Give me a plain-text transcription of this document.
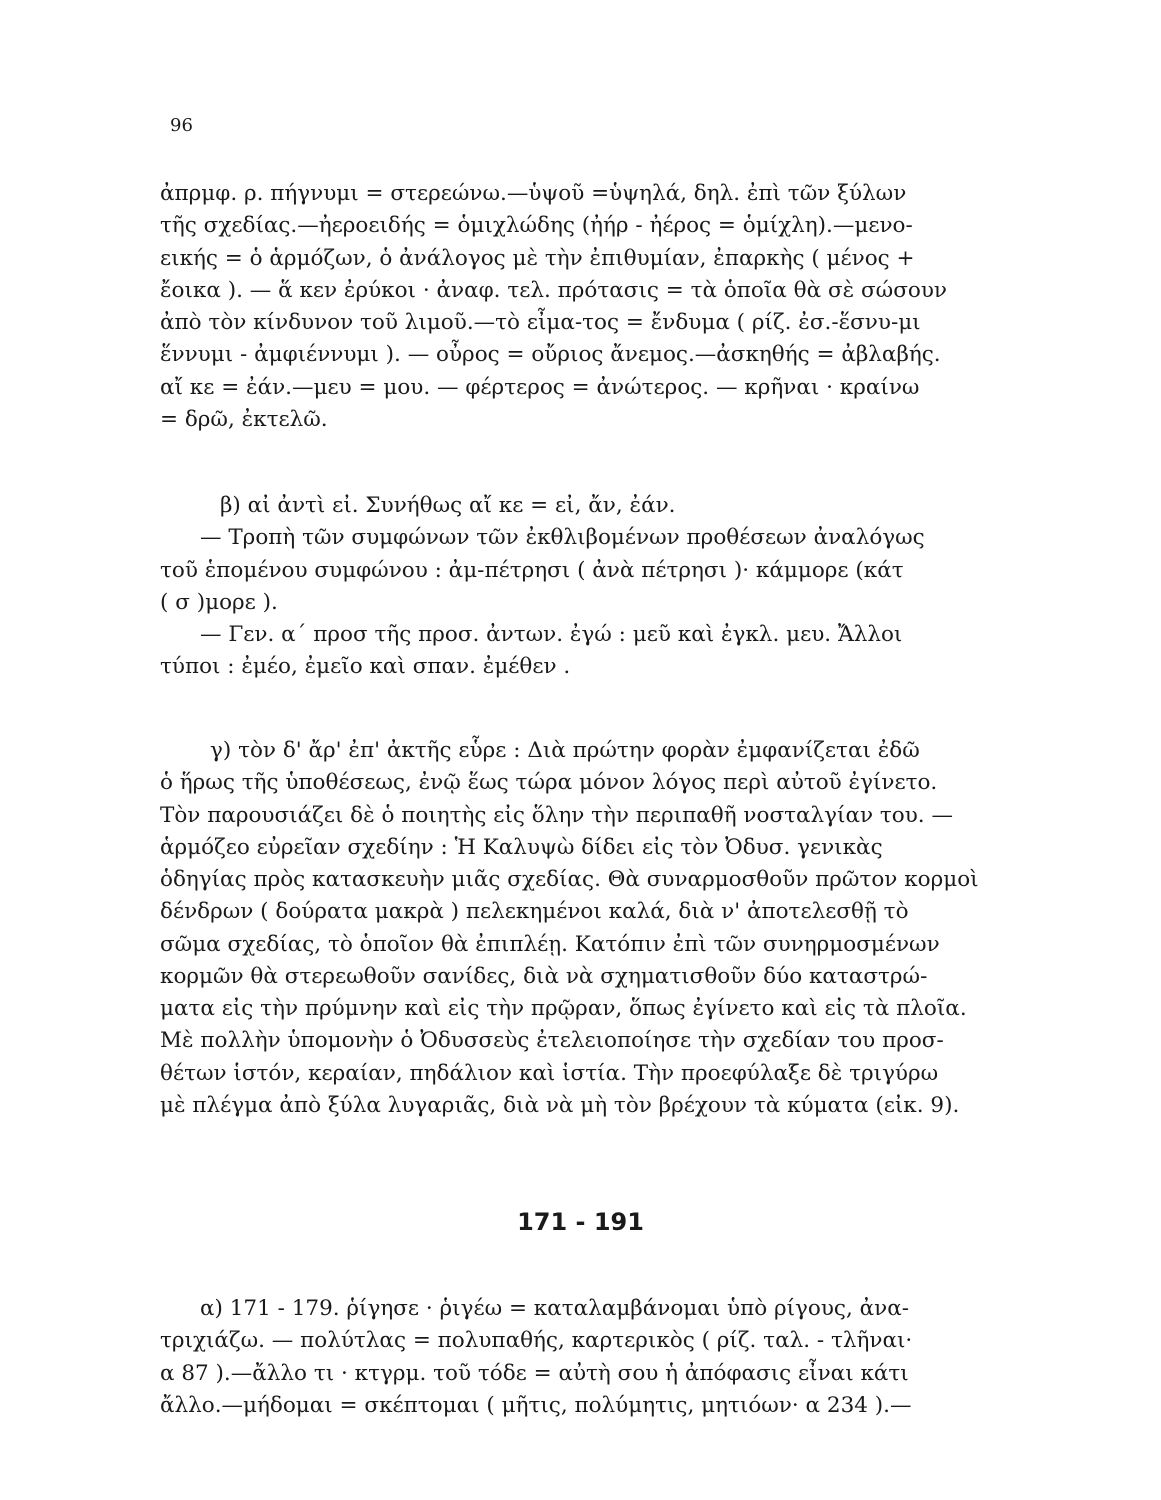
96
ἀπρμφ. ρ. πήγνυμι = στερεώνω.—ὑψοῦ =ὑψηλά, δηλ. ἐπὶ τῶν ξύλων
τῆς σχεδίας.—ἠεροειδής = ὁμιχλώδης (ἠήρ - ἠέρος = ὁμίχλη).—μενο-
εικής = ὁ ἁρμόζων, ὁ ἀνάλογος μὲ τὴν ἐπιθυμίαν, ἐπαρκὴς ( μένος +
ἔοικα ). — ἅ κεν ἐρύκοι · ἀναφ. τελ. πρότασις = τὰ ὁποῖα θὰ σὲ σώσουν
ἀπὸ τὸν κίνδυνον τοῦ λιμοῦ.—τὸ εἶμα-τος = ἔνδυμα ( ρίζ. ἐσ.-ἕσνυ-μι
ἕννυμι - ἀμφιέννυμι ). — οὖρος = οὔριος ἄνεμος.—ἀσκηθής = ἀβλαβής.
αἴ κε = ἐάν.—μευ = μου. — φέρτερος = ἀνώτερος. — κρῆναι · κραίνω
= δρῶ, ἐκτελῶ.
β) αἰ ἀντὶ εἰ. Συνήθως αἴ κε = εἰ, ἄν, ἐάν.
— Τροπὴ τῶν συμφώνων τῶν ἐκθλιβομένων προθέσεων ἀναλόγως
τοῦ ἑπομένου συμφώνου : ἀμ-πέτρησι ( ἀνὰ πέτρησι )· κάμμορε (κάτ
( σ )μορε ).
— Γεν. α΄ προσ τῆς προσ. ἀντων. ἐγώ : μεῦ καὶ ἐγκλ. μευ. Ἄλλοι
τύποι : ἐμέο, ἐμεῖο καὶ σπαν. ἐμέθεν .
γ) τὸν δ' ἄρ' ἐπ' ἀκτῆς εὗρε : Διὰ πρώτην φορὰν ἐμφανίζεται ἐδῶ
ὁ ἥρως τῆς ὑποθέσεως, ἐνῷ ἕως τώρα μόνον λόγος περὶ αὐτοῦ ἐγίνετο.
Τὸν παρουσιάζει δὲ ὁ ποιητὴς εἰς ὅλην τὴν περιπαθῆ νοσταλγίαν του. —
ἁρμόζεο εὐρεῖαν σχεδίην : Ἡ Καλυψὼ δίδει εἰς τὸν Ὀδυσ. γενικὰς
ὁδηγίας πρὸς κατασκευὴν μιᾶς σχεδίας. Θὰ συναρμοσθοῦν πρῶτον κορμοὶ
δένδρων ( δούρατα μακρὰ ) πελεκημένοι καλά, διὰ ν' ἀποτελεσθῇ τὸ
σῶμα σχεδίας, τὸ ὁποῖον θὰ ἐπιπλέῃ. Κατόπιν ἐπὶ τῶν συνηρμοσμένων
κορμῶν θὰ στερεωθοῦν σανίδες, διὰ νὰ σχηματισθοῦν δύο καταστρώ-
ματα εἰς τὴν πρύμνην καὶ εἰς τὴν πρῷραν, ὅπως ἐγίνετο καὶ εἰς τὰ πλοῖα.
Μὲ πολλὴν ὑπομονὴν ὁ Ὀδυσσεὺς ἐτελειοποίησε τὴν σχεδίαν του προσ-
θέτων ἱστόν, κεραίαν, πηδάλιον καὶ ἱστία. Τὴν προεφύλαξε δὲ τριγύρω
μὲ πλέγμα ἀπὸ ξύλα λυγαριᾶς, διὰ νὰ μὴ τὸν βρέχουν τὰ κύματα (εἰκ. 9).
171 - 191
α) 171 - 179. ῥίγησε · ῥιγέω = καταλαμβάνομαι ὑπὸ ρίγους, ἀνα-
τριχιάζω. — πολύτλας = πολυπαθής, καρτερικὸς ( ρίζ. ταλ. - τλῆναι·
α 87 ).—ἄλλο τι · κτγρμ. τοῦ τόδε = αὐτὴ σου ἡ ἀπόφασις εἶναι κάτι
ἄλλο.—μήδομαι = σκέπτομαι ( μῆτις, πολύμητις, μητιόων· α 234 ).—
